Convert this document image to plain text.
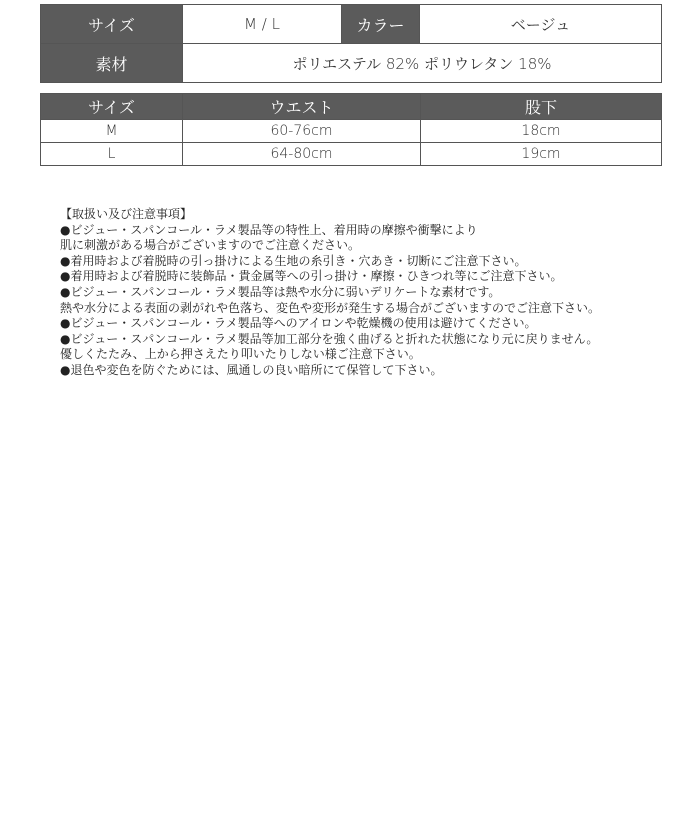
サイズ	M / L	カラー	ベージュ
素材	ポリエステル 82% ポリウレタン 18%		
サイズ	ウエスト	股下
M	60-76cm	18cm
L	64-80cm	19cm
【取扱い及び注意事項】
●ビジュー・スパンコール・ラメ製品等の特性上、着用時の摩擦や衝撃により
肌に刺激がある場合がございますのでご注意ください。
●着用時および着脱時の引っ掛けによる生地の糸引き・穴あき・切断にご注意下さい。
●着用時および着脱時に装飾品・貴金属等への引っ掛け・摩擦・ひきつれ等にご注意下さい。
●ビジュー・スパンコール・ラメ製品等は熱や水分に弱いデリケートな素材です。
熱や水分による表面の剥がれや色落ち、変色や変形が発生する場合がございますのでご注意下さい。
●ビジュー・スパンコール・ラメ製品等へのアイロンや乾燥機の使用は避けてください。
●ビジュー・スパンコール・ラメ製品等加工部分を強く曲げると折れた状態になり元に戻りません。
優しくたたみ、上から押さえたり叩いたりしない様ご注意下さい。
●退色や変色を防ぐためには、風通しの良い暗所にて保管して下さい。
